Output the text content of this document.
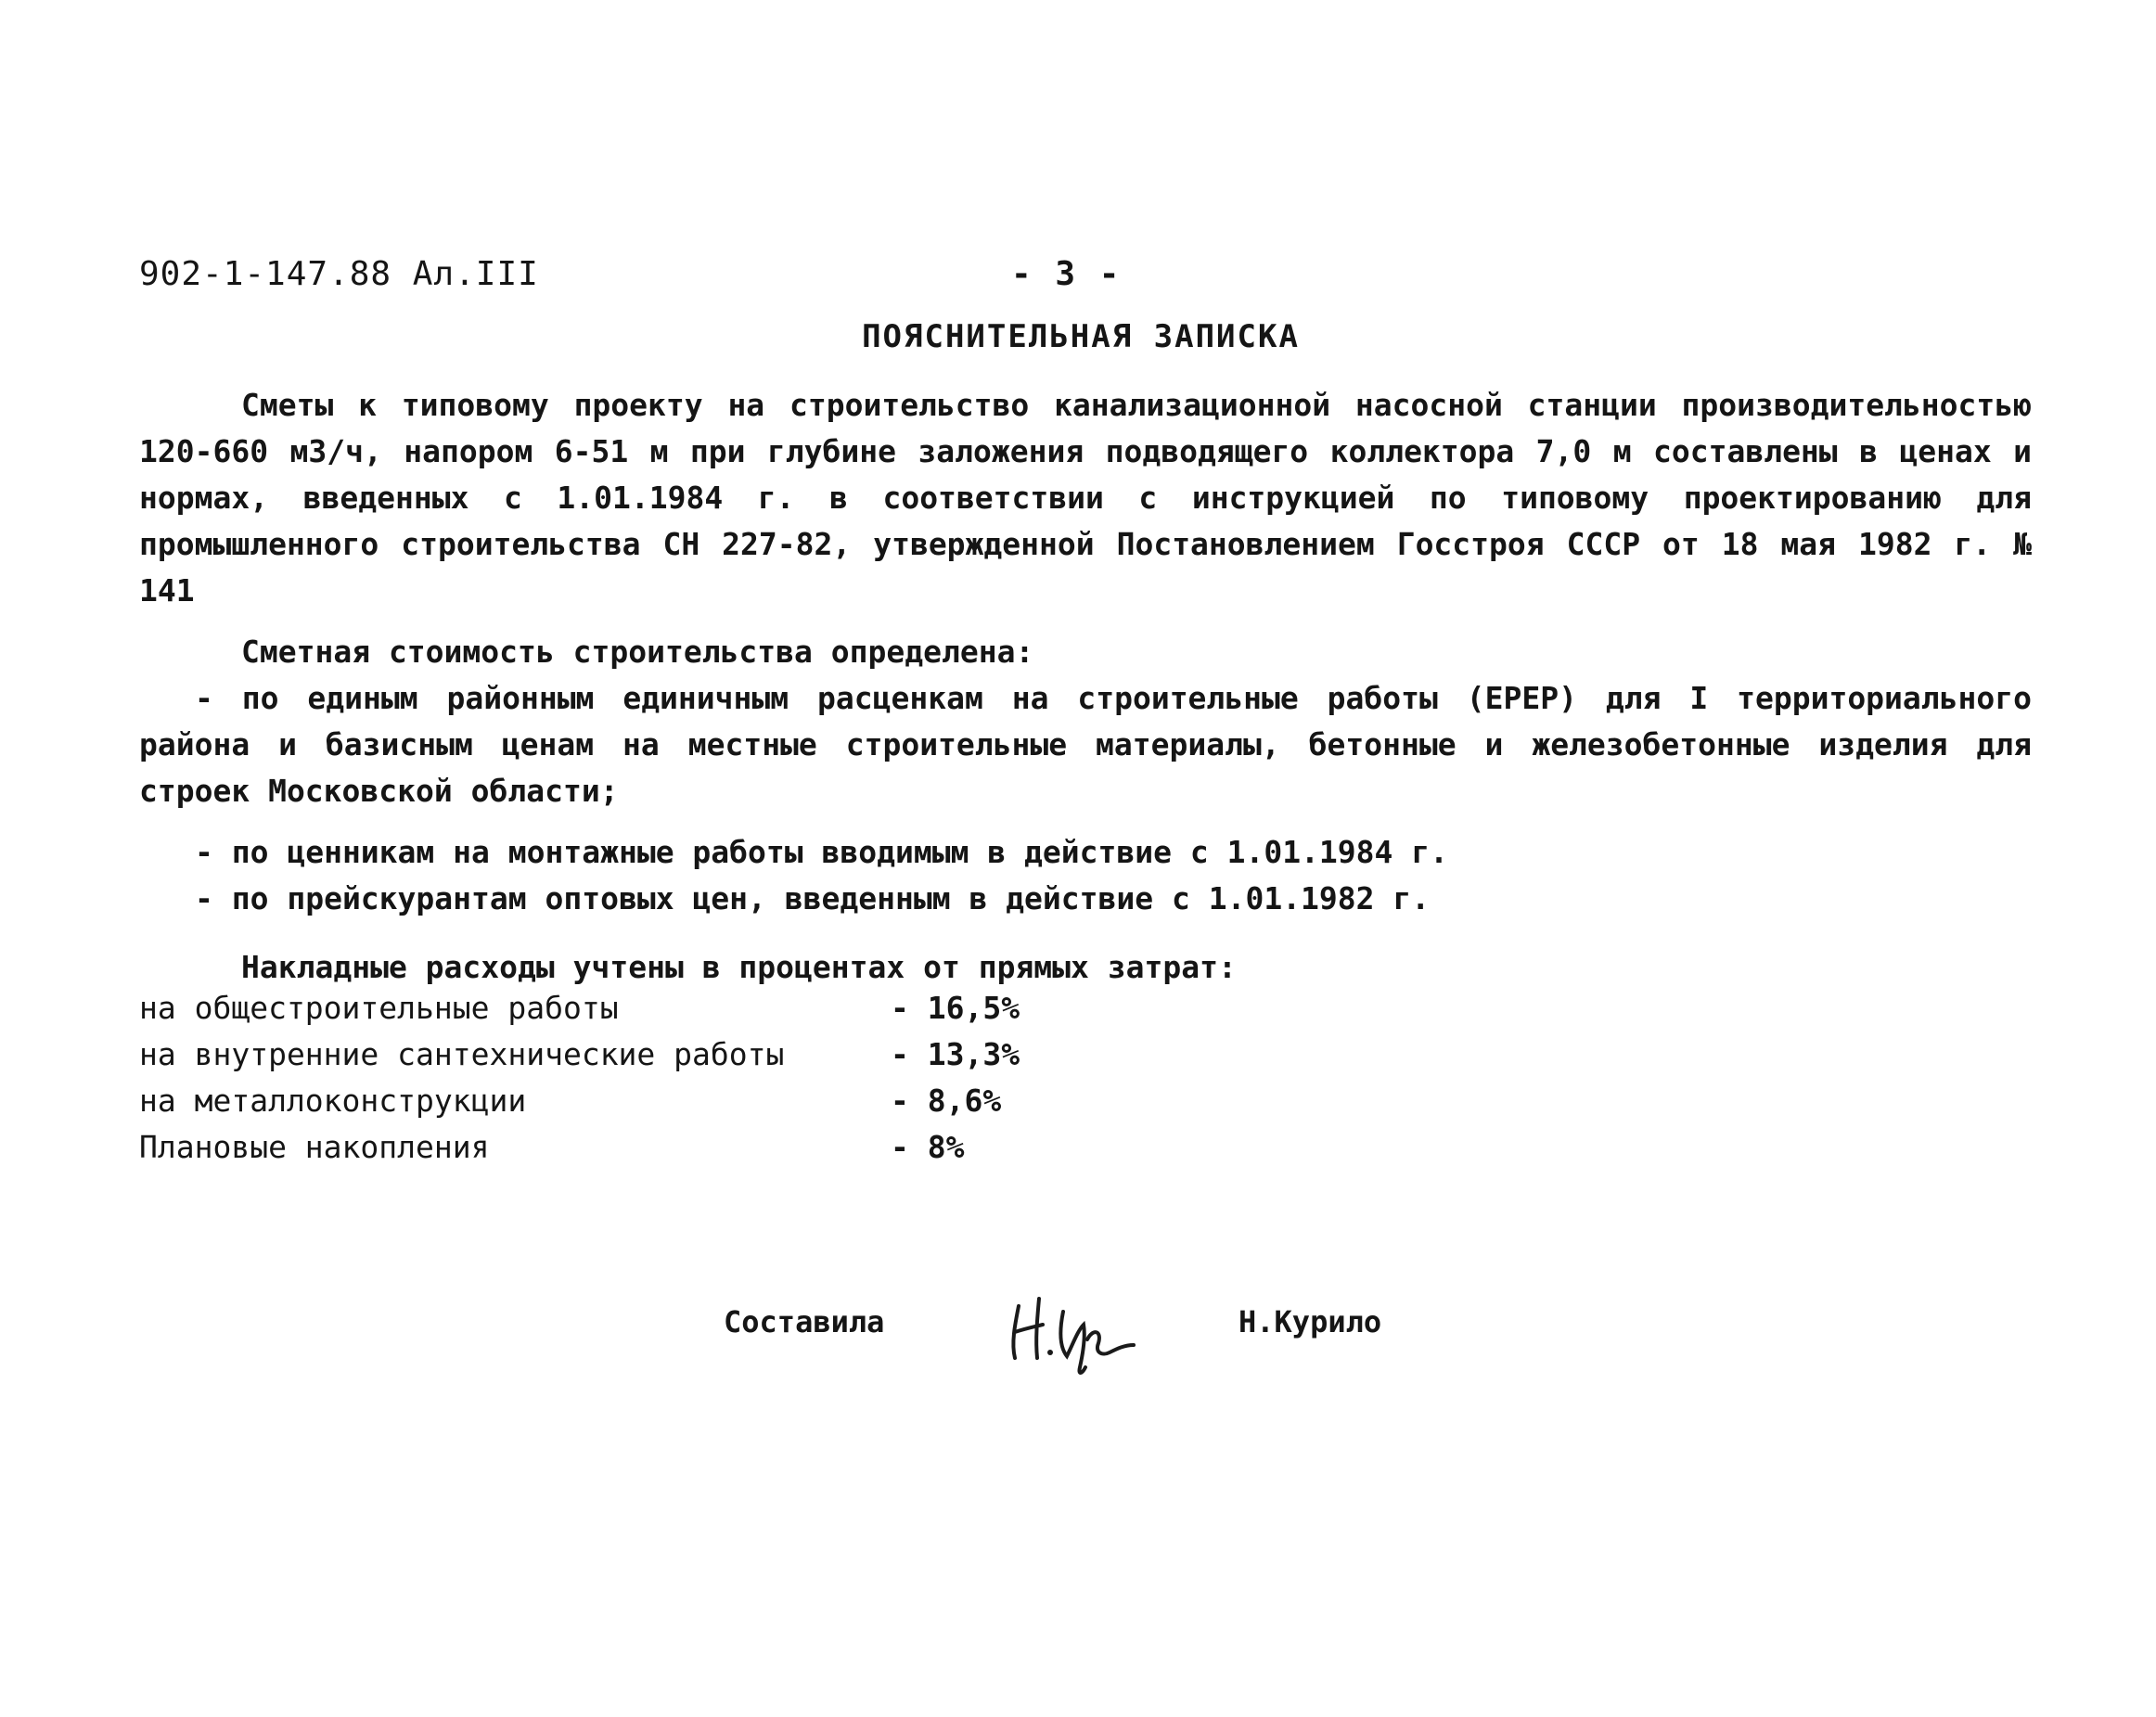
902-1-147.88 Ал.III	- 3 -
ПОЯСНИТЕЛЬНАЯ ЗАПИСКА

Сметы к типовому проекту на строительство канализационной насосной станции производительностью 120-660 м3/ч, напором 6-51 м при глубине заложения подводящего коллектора 7,0 м составлены в ценах и нормах, введенных с 1.01.1984 г. в соответствии с инструкцией по типовому проектированию для промышленного строительства СН 227-82, утвержденной Постановлением Госстроя СССР от 18 мая 1982 г. № 141

Сметная стоимость строительства определена:

- по единым районным единичным расценкам на строительные работы (ЕРЕР) для I территориального района и базисным ценам на местные строительные материалы, бетонные и железобетонные изделия для строек Московской области;

- по ценникам на монтажные работы вводимым в действие с 1.01.1984 г.

- по прейскурантам оптовых цен, введенным в действие с 1.01.1982 г.

Накладные расходы учтены в процентах от прямых затрат:

на общестроительные работы	- 16,5%
на внутренние сантехнические работы	- 13,3%
на металлоконструкции	- 8,6%
Плановые накопления	- 8%
Составила	Н.Курило
